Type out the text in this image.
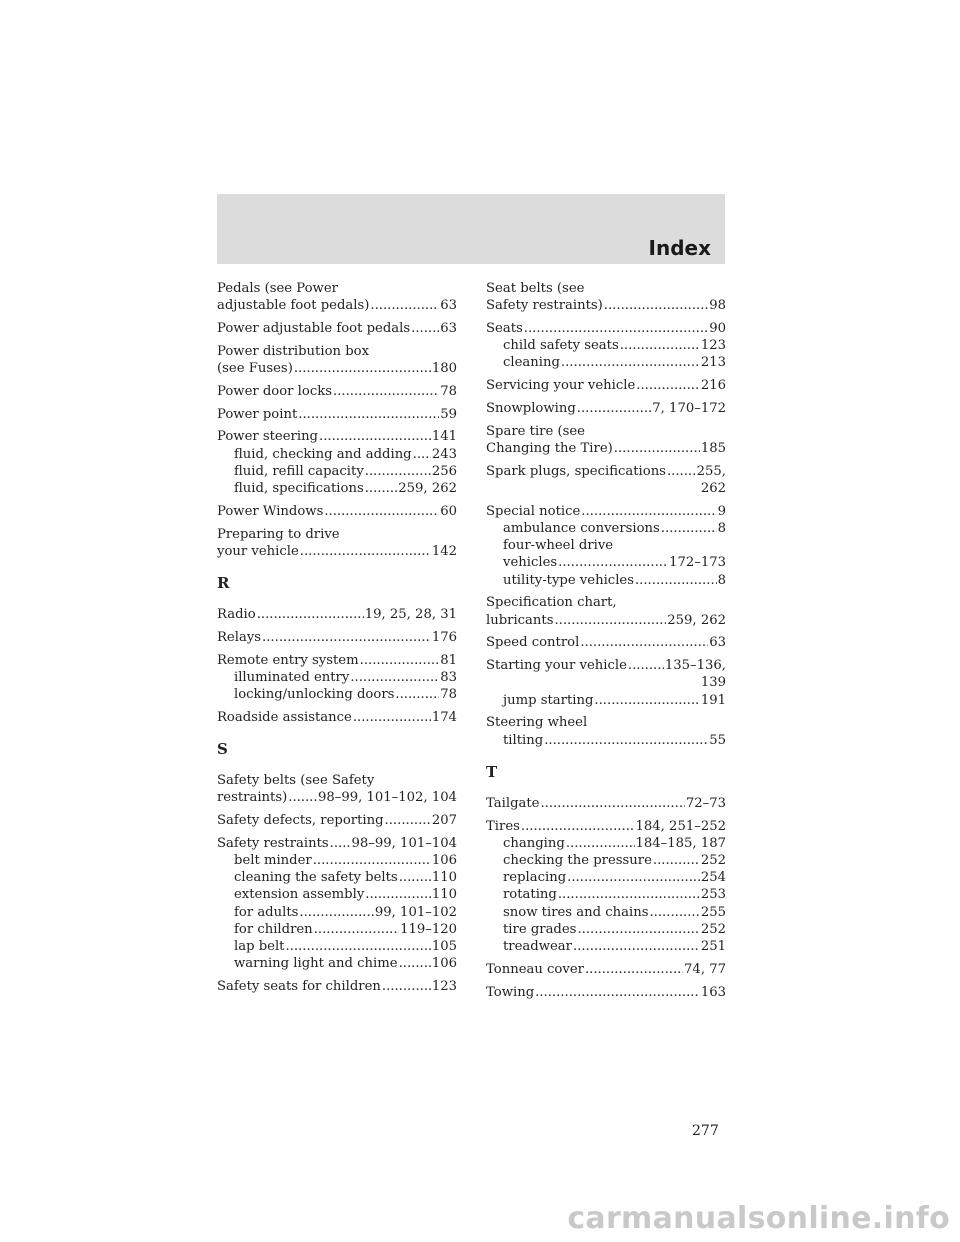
Index
Pedals (see Power
adjustable foot pedals) .....	63
Power adjustable foot pedals ..... 63
Power distribution box
(see Fuses) .....	180
Power door locks .....	78
Power point .....	59
Power steering .....	141
fluid, checking and adding ..... 243
fluid, refill capacity .....	256
fluid, specifications .....	259, 262
Power Windows .....	60
Preparing to drive
your vehicle .....	142
R
Radio .....	19, 25, 28, 31
Relays .....	176
Remote entry system .....	81
illuminated entry .....	83
locking/unlocking doors .....	78
Roadside assistance .....	174
S
Safety belts (see Safety
restraints) ..... 98–99, 101–102, 104
Safety defects, reporting .....	207
Safety restraints ..... 98–99, 101–104
belt minder .....	106
cleaning the safety belts .....	110
extension assembly .....	110
for adults .....	99, 101–102
for children .....	119–120
lap belt .....	105
warning light and chime .....	106
Safety seats for children .....	123
Seat belts (see
Safety restraints) .....	98
Seats .....	90
child safety seats .....	123
cleaning .....	213
Servicing your vehicle .....	216
Snowplowing .....	7, 170–172
Spare tire (see
Changing the Tire) .....	185
Spark plugs, specifications ..... 255,
262
Special notice .....	9
ambulance conversions .....	8
four-wheel drive
vehicles .....	172–173
utility-type vehicles .....	8
Specification chart,
lubricants .....	259, 262
Speed control .....	63
Starting your vehicle .....	135–136,
139
jump starting .....	191
Steering wheel
tilting .....	55
T
Tailgate .....	72–73
Tires .....	184, 251–252
changing .....	184–185, 187
checking the pressure .....	252
replacing .....	254
rotating .....	253
snow tires and chains .....	255
tire grades .....	252
treadwear .....	251
Tonneau cover .....	74, 77
Towing .....	163
277
carmanualsonline.info
